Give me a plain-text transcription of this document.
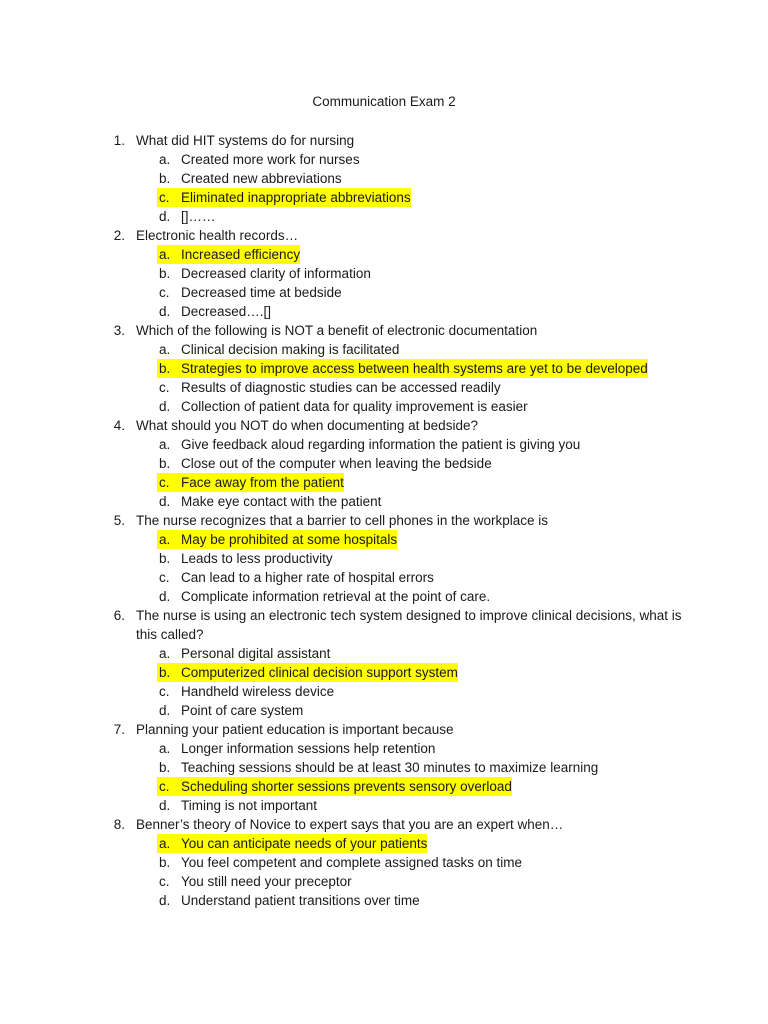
Communication Exam 2
1. What did HIT systems do for nursing
a. Created more work for nurses
b. Created new abbreviations
c. Eliminated inappropriate abbreviations
d. []……
2. Electronic health records…
a. Increased efficiency
b. Decreased clarity of information
c. Decreased time at bedside
d. Decreased….[]
3. Which of the following is NOT a benefit of electronic documentation
a. Clinical decision making is facilitated
b. Strategies to improve access between health systems are yet to be developed
c. Results of diagnostic studies can be accessed readily
d. Collection of patient data for quality improvement is easier
4. What should you NOT do when documenting at bedside?
a. Give feedback aloud regarding information the patient is giving you
b. Close out of the computer when leaving the bedside
c. Face away from the patient
d. Make eye contact with the patient
5. The nurse recognizes that a barrier to cell phones in the workplace is
a. May be prohibited at some hospitals
b. Leads to less productivity
c. Can lead to a higher rate of hospital errors
d. Complicate information retrieval at the point of care.
6. The nurse is using an electronic tech system designed to improve clinical decisions, what is this called?
a. Personal digital assistant
b. Computerized clinical decision support system
c. Handheld wireless device
d. Point of care system
7. Planning your patient education is important because
a. Longer information sessions help retention
b. Teaching sessions should be at least 30 minutes to maximize learning
c. Scheduling shorter sessions prevents sensory overload
d. Timing is not important
8. Benner’s theory of Novice to expert says that you are an expert when…
a. You can anticipate needs of your patients
b. You feel competent and complete assigned tasks on time
c. You still need your preceptor
d. Understand patient transitions over time
